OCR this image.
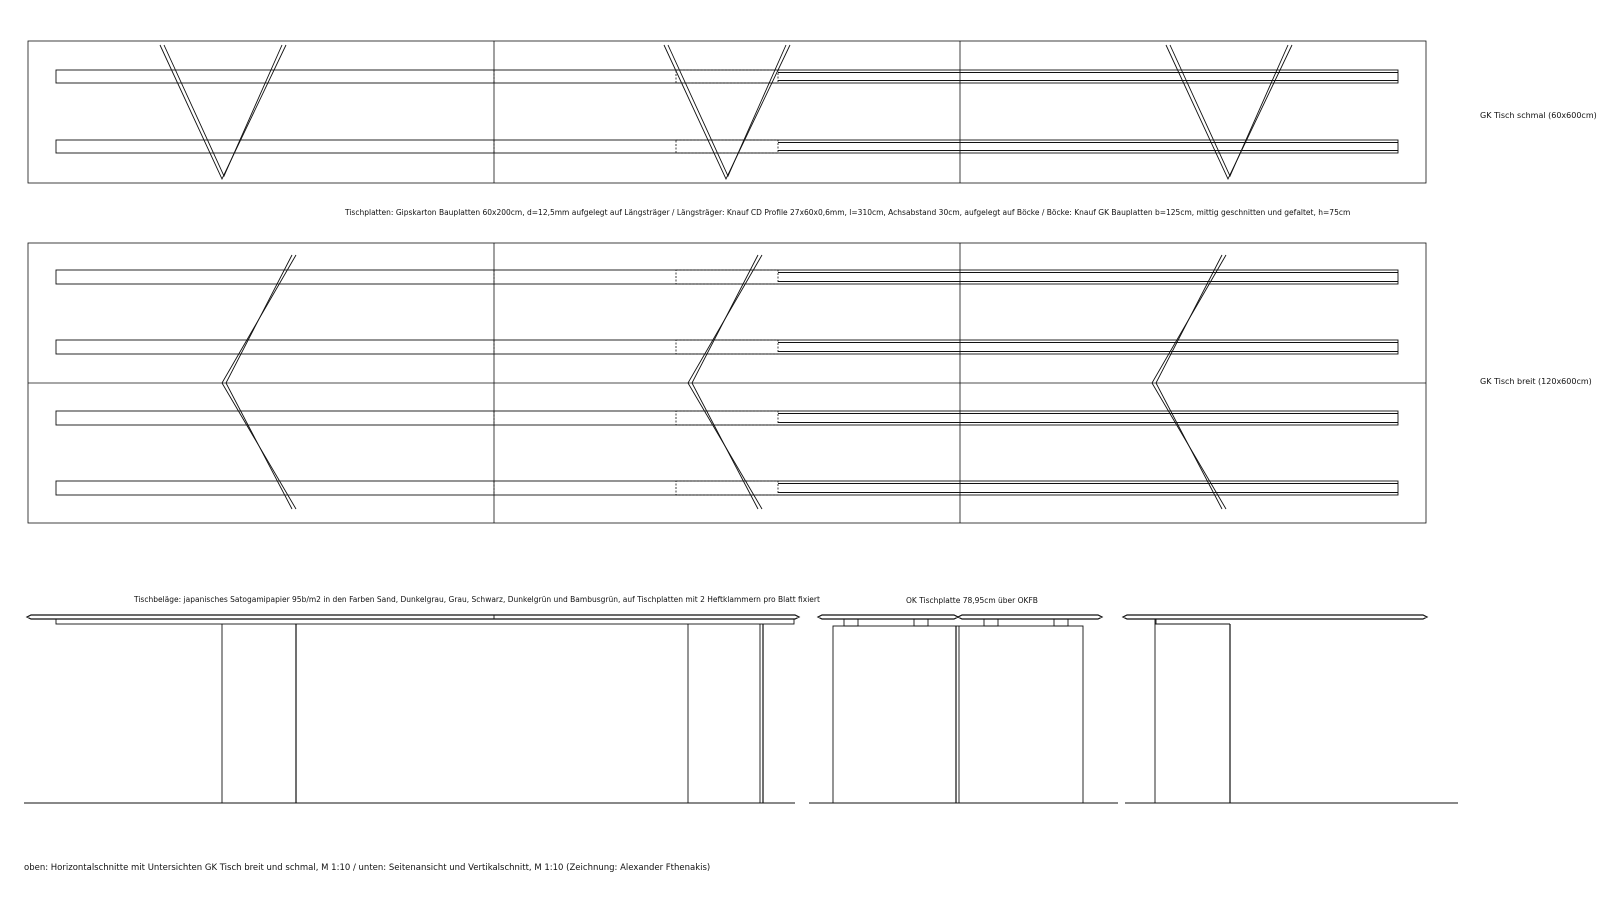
GK Tisch schmal (60x600cm)
Tischplatten: Gipskarton Bauplatten 60x200cm, d=12,5mm aufgelegt auf Längsträger / Längsträger: Knauf CD Profile 27x60x0,6mm, l=310cm, Achsabstand 30cm, aufgelegt auf Böcke / Böcke: Knauf GK Bauplatten b=125cm, mittig geschnitten und gefaltet, h=75cm
GK Tisch breit (120x600cm)
Tischbeläge: japanisches Satogamipapier 95b/m2 in den Farben Sand, Dunkelgrau, Grau, Schwarz, Dunkelgrün und Bambusgrün, auf Tischplatten mit 2 Heftklammern pro Blatt fixiert	OK Tischplatte 78,95cm über OKFB
oben: Horizontalschnitte mit Untersichten GK Tisch breit und schmal, M 1:10 / unten: Seitenansicht und Vertikalschnitt, M 1:10 (Zeichnung: Alexander Fthenakis)
